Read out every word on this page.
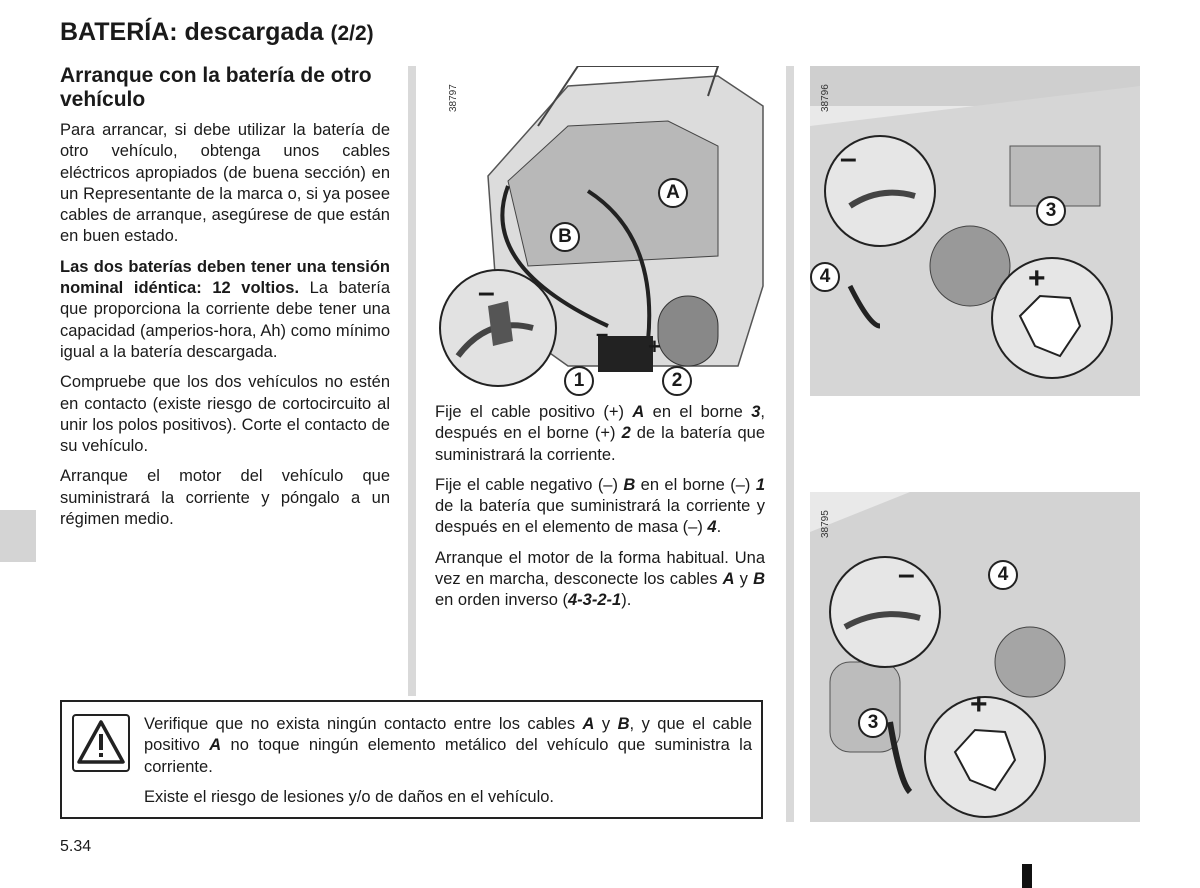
BATERÍA: descargada (2/2)
Arranque con la batería de otro vehículo

Para arrancar, si debe utilizar la batería de otro vehículo, obtenga unos cables eléctricos apropiados (de buena sección) en un Representante de la marca o, si ya posee cables de arranque, asegúrese de que están en buen estado.

Las dos baterías deben tener una tensión nominal idéntica: 12 voltios. La batería que proporciona la corriente debe tener una capacidad (amperios-hora, Ah) como mínimo igual a la batería descargada.

Compruebe que los dos vehículos no estén en contacto (existe riesgo de cortocircuito al unir los polos positivos). Corte el contacto de su vehículo.

Arranque el motor del vehículo que suministrará la corriente y póngalo a un régimen medio.

38797
–
–
+
A
B
1	2

Fije el cable positivo (+) A en el borne 3, después en el borne (+) 2 de la batería que suministrará la corriente.

Fije el cable negativo (–) B en el borne (–) 1 de la batería que suministrará la corriente y después en el elemento de masa (–) 4.

Arranque el motor de la forma habitual. Una vez en marcha, desconecte los cables A y B en orden inverso (4-3-2-1).

38796
–
+
3
4
38795
–
+
4
3

Verifique que no exista ningún contacto entre los cables A y B, y que el cable positivo A no toque ningún elemento metálico del vehículo que suministra la corriente.

Existe el riesgo de lesiones y/o de daños en el vehículo.

5.34
